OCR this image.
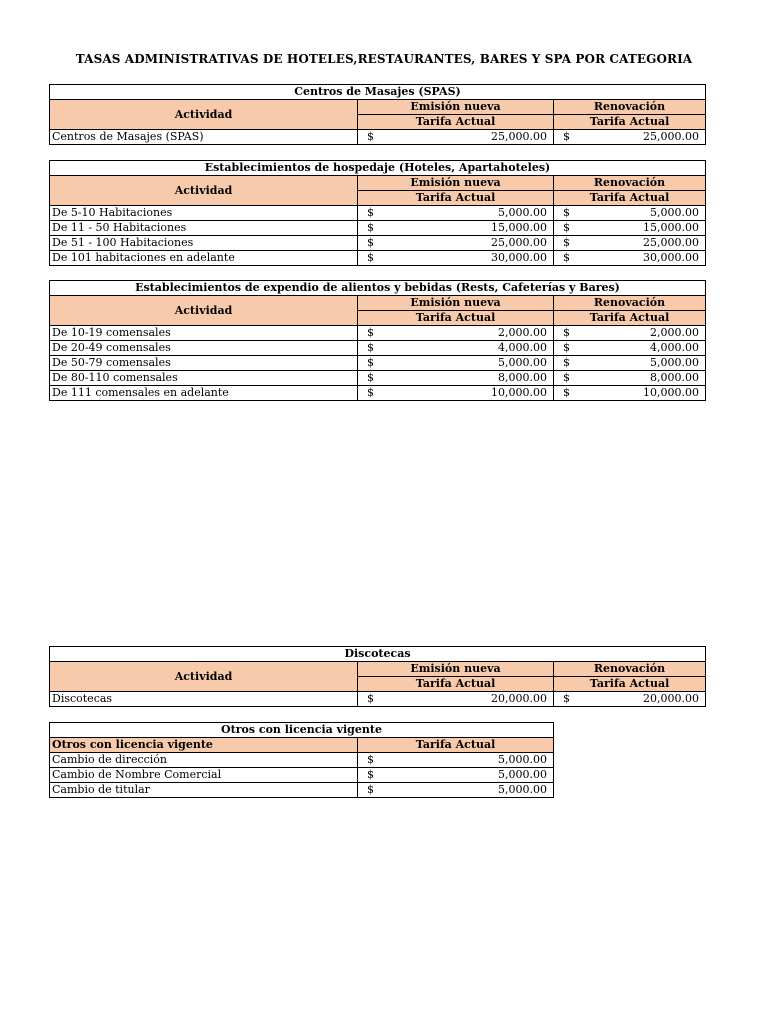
TASAS ADMINISTRATIVAS DE HOTELES,RESTAURANTES, BARES Y SPA POR CATEGORIA
Centros de Masajes (SPAS)		
Actividad	Emisión nueva	Renovación
	Tarifa Actual	Tarifa Actual
Centros de Masajes (SPAS)	$ 25,000.00	$ 25,000.00
Establecimientos de hospedaje (Hoteles, Apartahoteles)		
Actividad	Emisión nueva	Renovación
	Tarifa Actual	Tarifa Actual
De 5-10 Habitaciones	$ 5,000.00	$ 5,000.00

De 11 - 50 Habitaciones	$ 15,000.00	$ 15,000.00

De 51 - 100 Habitaciones	$ 25,000.00	$ 25,000.00

De 101 habitaciones en adelante	$ 30,000.00	$ 30,000.00
Establecimientos de expendio de alientos y bebidas (Rests, Cafeterías y Bares)		
Actividad	Emisión nueva	Renovación
	Tarifa Actual	Tarifa Actual
De 10-19 comensales	$ 2,000.00	$ 2,000.00

De 20-49 comensales	$ 4,000.00	$ 4,000.00

De 50-79 comensales	$ 5,000.00	$ 5,000.00

De 80-110 comensales	$ 8,000.00	$ 8,000.00

De 111 comensales en adelante	$ 10,000.00	$ 10,000.00
Discotecas		
Actividad	Emisión nueva	Renovación
	Tarifa Actual	Tarifa Actual
Discotecas	$ 20,000.00	$ 20,000.00
Otros con licencia vigente	
Otros con licencia vigente	Tarifa Actual
Cambio de dirección	$ 5,000.00

Cambio de Nombre Comercial	$ 5,000.00

Cambio de titular	$ 5,000.00
